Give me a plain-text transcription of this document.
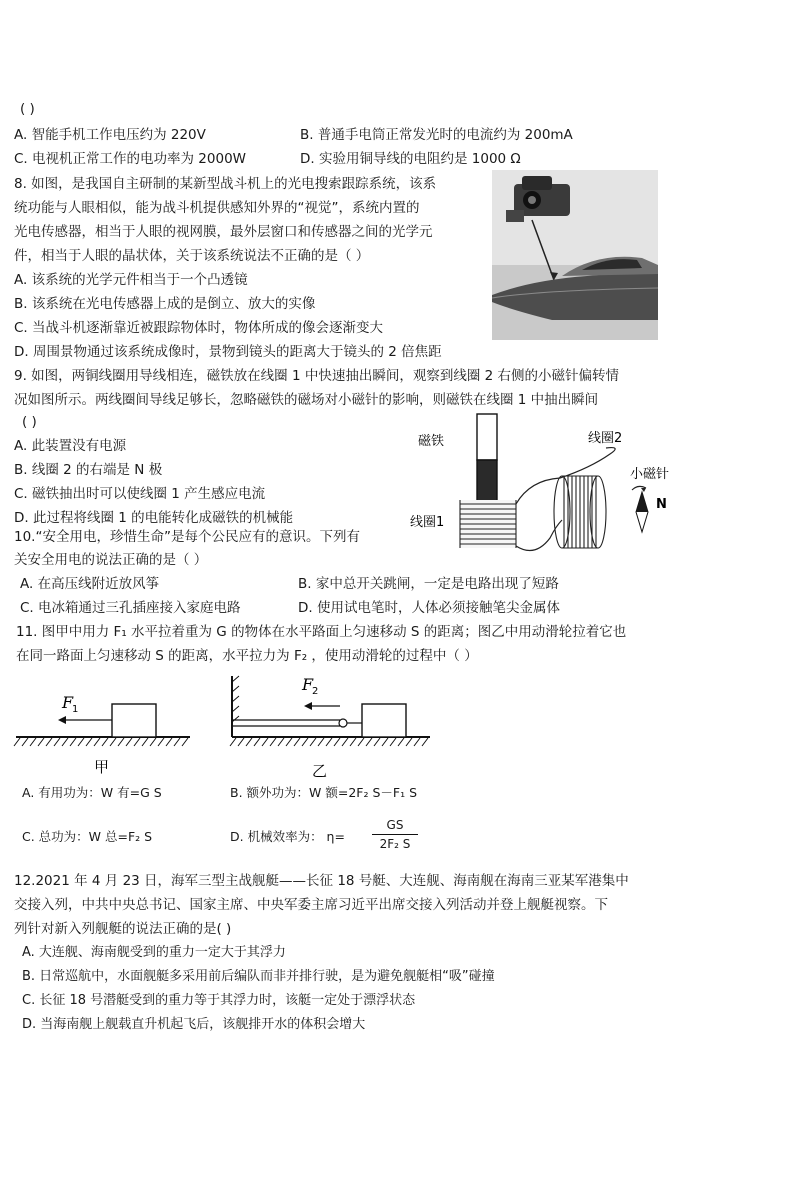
( )
A. 智能手机工作电压约为 220V	B. 普通手电筒正常发光时的电流约为 200mA
C. 电视机正常工作的电功率为 2000W	D. 实验用铜导线的电阻约是 1000 Ω
8. 如图，是我国自主研制的某新型战斗机上的光电搜索跟踪系统，该系
统功能与人眼相似，能为战斗机提供感知外界的“视觉”，系统内置的
光电传感器，相当于人眼的视网膜，最外层窗口和传感器之间的光学元
件，相当于人眼的晶状体，关于该系统说法不正确的是（ ）
A. 该系统的光学元件相当于一个凸透镜
B. 该系统在光电传感器上成的是倒立、放大的实像
C. 当战斗机逐渐靠近被跟踪物体时，物体所成的像会逐渐变大
D. 周围景物通过该系统成像时，景物到镜头的距离大于镜头的 2 倍焦距
9. 如图，两铜线圈用导线相连，磁铁放在线圈 1 中快速抽出瞬间，观察到线圈 2 右侧的小磁针偏转情
况如图所示。两线圈间导线足够长，忽略磁铁的磁场对小磁针的影响，则磁铁在线圈 1 中抽出瞬间
( )
A. 此装置没有电源
B. 线圈 2 的右端是 N 极
C. 磁铁抽出时可以使线圈 1 产生感应电流
D. 此过程将线圈 1 的电能转化成磁铁的机械能
磁铁
线圈1
线圈2
小磁针
N
10.“安全用电，珍惜生命”是每个公民应有的意识。下列有
关安全用电的说法正确的是（ ）
A. 在高压线附近放风筝	B. 家中总开关跳闸，一定是电路出现了短路
C. 电冰箱通过三孔插座接入家庭电路	D. 使用试电笔时，人体必须接触笔尖金属体
11. 图甲中用力 F₁ 水平拉着重为 G 的物体在水平路面上匀速移动 S 的距离；图乙中用动滑轮拉着它也
在同一路面上匀速移动 S 的距离，水平拉力为 F₂ ，使用动滑轮的过程中（ ）
F
1
甲
F
2
乙
A. 有用功为：W 有=G S	B. 额外功为：W 额=2F₂ S－F₁ S
C. 总功为：W 总=F₂ S	D. 机械效率为： η=
GS
2F₂ S
12.2021 年 4 月 23 日，海军三型主战舰艇——长征 18 号艇、大连舰、海南舰在海南三亚某军港集中
交接入列，中共中央总书记、国家主席、中央军委主席习近平出席交接入列活动并登上舰艇视察。下
列针对新入列舰艇的说法正确的是( )
A. 大连舰、海南舰受到的重力一定大于其浮力
B. 日常巡航中，水面舰艇多采用前后编队而非并排行驶，是为避免舰艇相“吸”碰撞
C. 长征 18 号潜艇受到的重力等于其浮力时，该艇一定处于漂浮状态
D. 当海南舰上舰载直升机起飞后，该舰排开水的体积会增大
